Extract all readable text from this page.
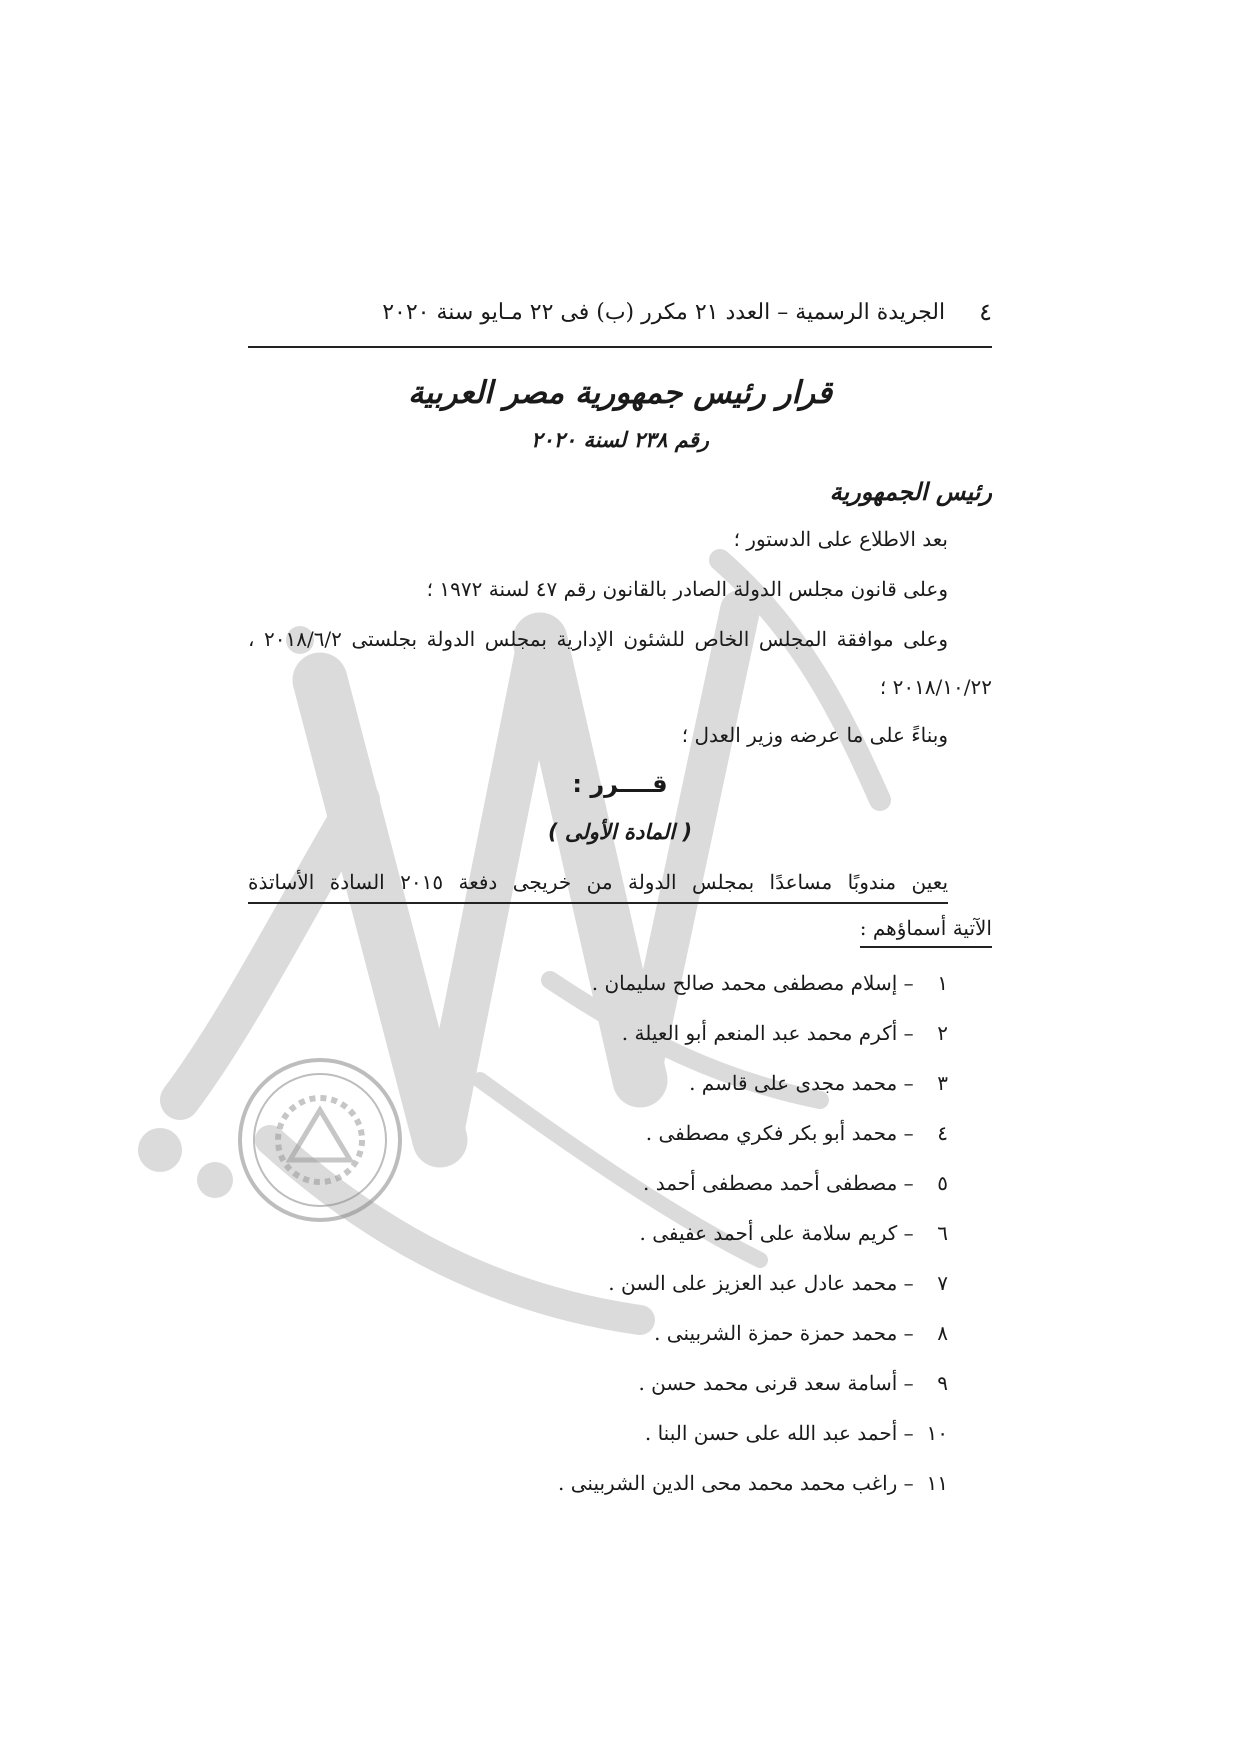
٤
الجريدة الرسمية – العدد ٢١ مكرر (ب) فى ٢٢ مـايو سنة ٢٠٢٠
قرار رئيس جمهورية مصر العربية
رقم ٢٣٨ لسنة ٢٠٢٠
رئيس الجمهورية
بعد الاطلاع على الدستور ؛
وعلى قانون مجلس الدولة الصادر بالقانون رقم ٤٧ لسنة ١٩٧٢ ؛
وعلى موافقة المجلس الخاص للشئون الإدارية بمجلس الدولة بجلستى ٢٠١٨/٦/٢ ،
٢٠١٨/١٠/٢٢ ؛
وبناءً على ما عرضه وزير العدل ؛
قــــرر :
( المادة الأولى )
يعين مندوبًا مساعدًا بمجلس الدولة من خريجى دفعة ٢٠١٥ السادة الأساتذة
الآتية أسماؤهم :
١ – إسلام مصطفى محمد صالح سليمان .
٢ – أكرم محمد عبد المنعم أبو العيلة .
٣ – محمد مجدى على قاسم .
٤ – محمد أبو بكر فكري مصطفى .
٥ – مصطفى أحمد مصطفى أحمد .
٦ – كريم سلامة على أحمد عفيفى .
٧ – محمد عادل عبد العزيز على السن .
٨ – محمد حمزة حمزة الشربينى .
٩ – أسامة سعد قرنى محمد حسن .
١٠ – أحمد عبد الله على حسن البنا .
١١ – راغب محمد محمد محى الدين الشربينى .
